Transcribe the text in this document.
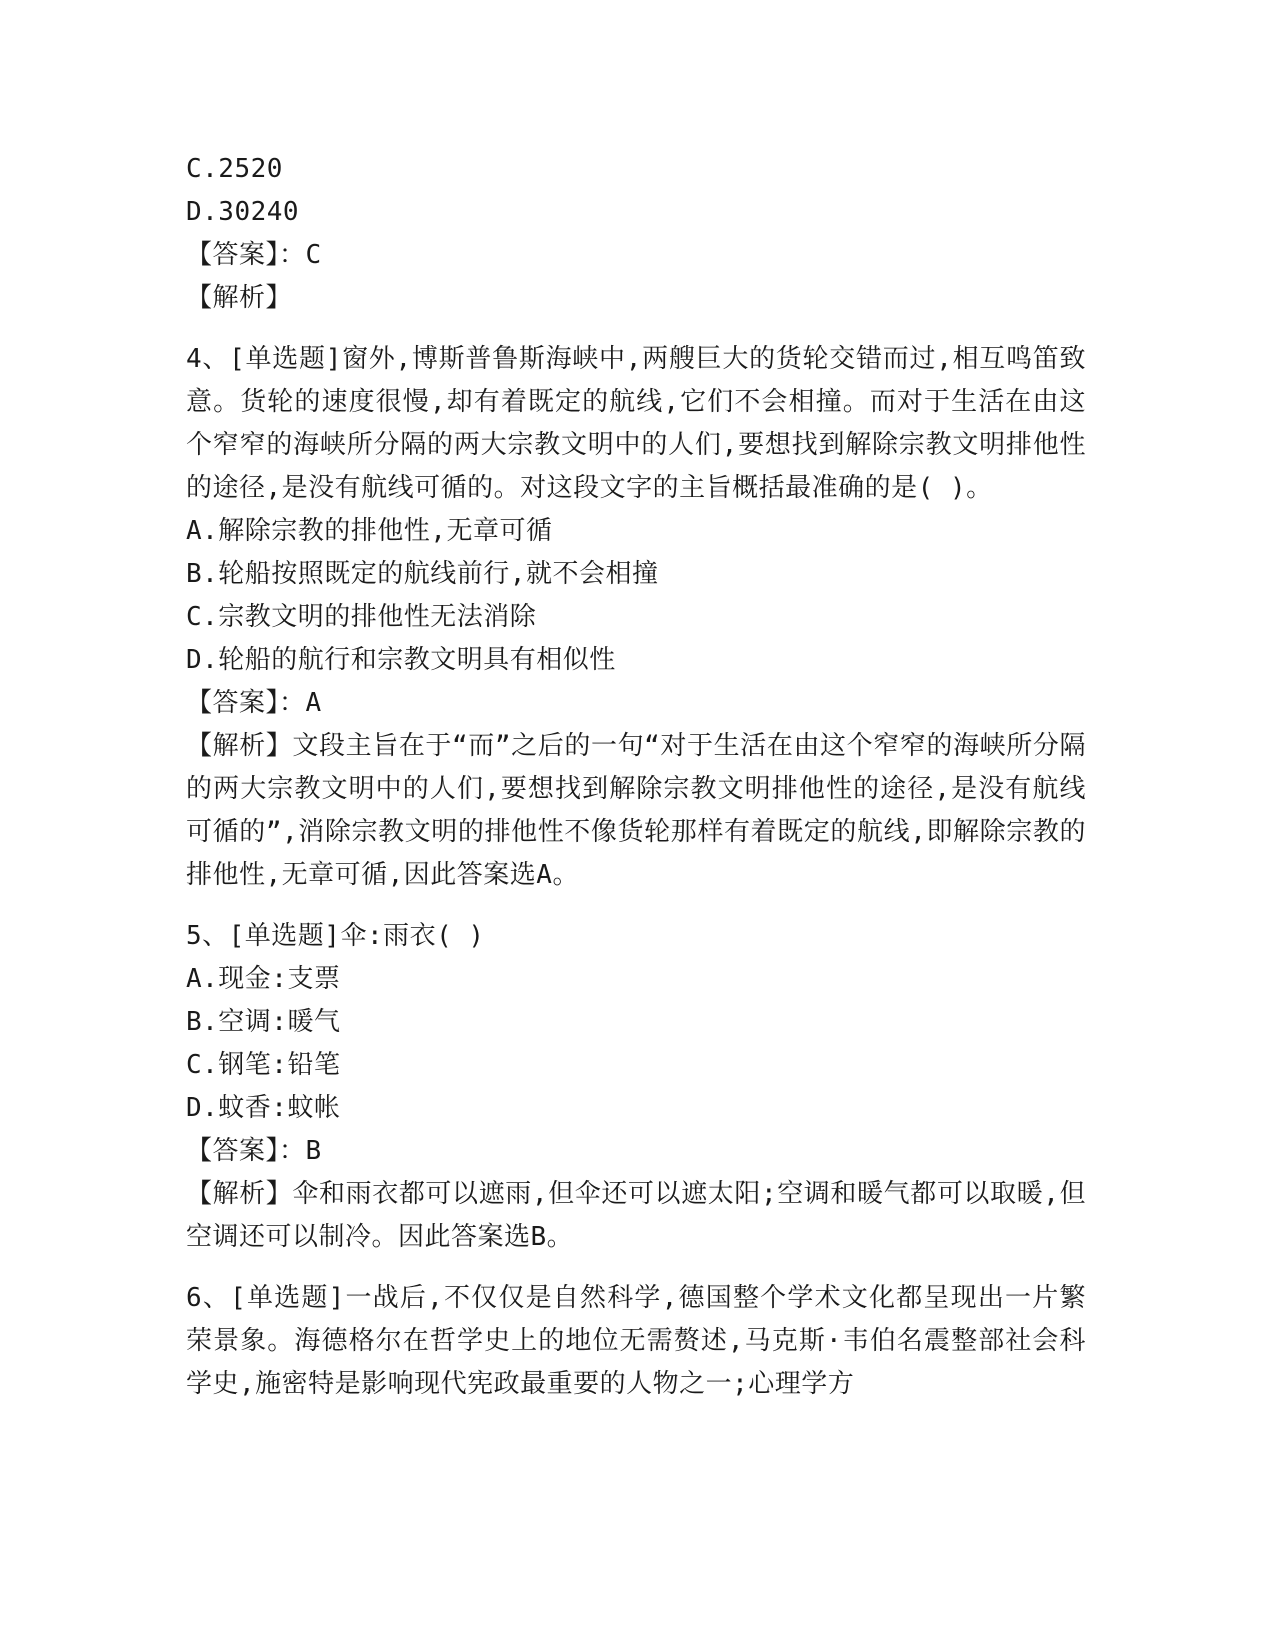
C.2520

D.30240

【答案】：C

【解析】

4、[单选题]窗外,博斯普鲁斯海峡中,两艘巨大的货轮交错而过,相互鸣笛致意。货轮的速度很慢,却有着既定的航线,它们不会相撞。而对于生活在由这个窄窄的海峡所分隔的两大宗教文明中的人们,要想找到解除宗教文明排他性的途径,是没有航线可循的。对这段文字的主旨概括最准确的是( )。

A.解除宗教的排他性,无章可循

B.轮船按照既定的航线前行,就不会相撞

C.宗教文明的排他性无法消除

D.轮船的航行和宗教文明具有相似性

【答案】：A

【解析】文段主旨在于“而”之后的一句“对于生活在由这个窄窄的海峡所分隔的两大宗教文明中的人们,要想找到解除宗教文明排他性的途径,是没有航线可循的”,消除宗教文明的排他性不像货轮那样有着既定的航线,即解除宗教的排他性,无章可循,因此答案选A。

5、[单选题]伞:雨衣( )

A.现金:支票

B.空调:暖气

C.钢笔:铅笔

D.蚊香:蚊帐

【答案】：B

【解析】伞和雨衣都可以遮雨,但伞还可以遮太阳;空调和暖气都可以取暖,但空调还可以制冷。因此答案选B。

6、[单选题]一战后,不仅仅是自然科学,德国整个学术文化都呈现出一片繁荣景象。海德格尔在哲学史上的地位无需赘述,马克斯·韦伯名震整部社会科学史,施密特是影响现代宪政最重要的人物之一;心理学方
